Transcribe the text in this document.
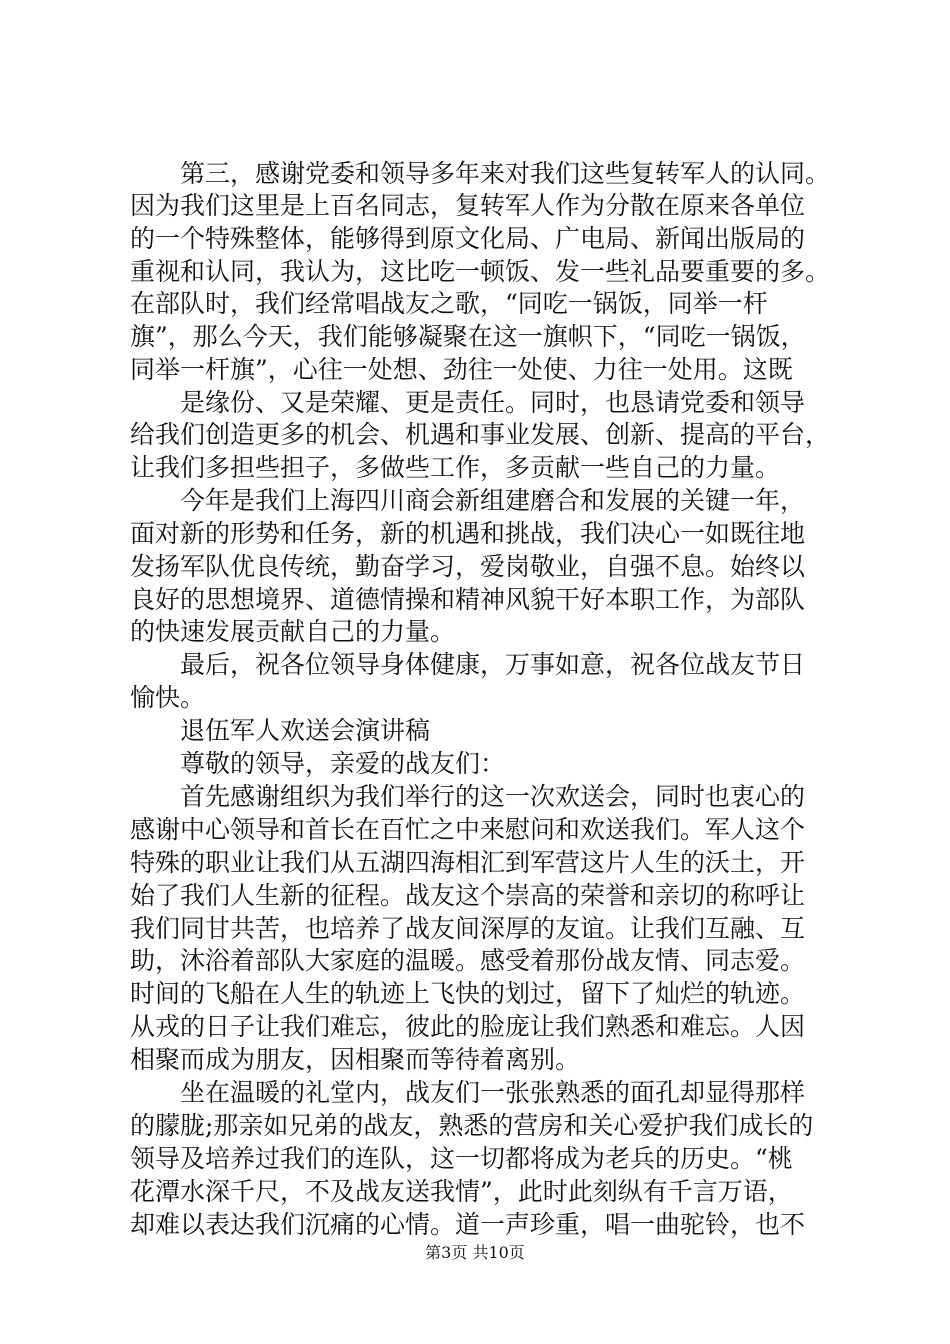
第三，感谢党委和领导多年来对我们这些复转军人的认同。
因为我们这里是上百名同志，复转军人作为分散在原来各单位
的一个特殊整体，能够得到原文化局、广电局、新闻出版局的
重视和认同，我认为，这比吃一顿饭、发一些礼品要重要的多。
在部队时，我们经常唱战友之歌，“同吃一锅饭，同举一杆
旗”，那么今天，我们能够凝聚在这一旗帜下，“同吃一锅饭，
同举一杆旗”，心往一处想、劲往一处使、力往一处用。这既
是缘份、又是荣耀、更是责任。同时，也恳请党委和领导
给我们创造更多的机会、机遇和事业发展、创新、提高的平台，
让我们多担些担子，多做些工作，多贡献一些自己的力量。
今年是我们上海四川商会新组建磨合和发展的关键一年，
面对新的形势和任务，新的机遇和挑战，我们决心一如既往地
发扬军队优良传统，勤奋学习，爱岗敬业，自强不息。始终以
良好的思想境界、道德情操和精神风貌干好本职工作，为部队
的快速发展贡献自己的力量。
最后，祝各位领导身体健康，万事如意，祝各位战友节日
愉快。
退伍军人欢送会演讲稿
尊敬的领导，亲爱的战友们：
首先感谢组织为我们举行的这一次欢送会，同时也衷心的
感谢中心领导和首长在百忙之中来慰问和欢送我们。军人这个
特殊的职业让我们从五湖四海相汇到军营这片人生的沃土，开
始了我们人生新的征程。战友这个崇高的荣誉和亲切的称呼让
我们同甘共苦，也培养了战友间深厚的友谊。让我们互融、互
助，沐浴着部队大家庭的温暖。感受着那份战友情、同志爱。
时间的飞船在人生的轨迹上飞快的划过，留下了灿烂的轨迹。
从戎的日子让我们难忘，彼此的脸庞让我们熟悉和难忘。人因
相聚而成为朋友，因相聚而等待着离别。
坐在温暖的礼堂内，战友们一张张熟悉的面孔却显得那样
的朦胧;那亲如兄弟的战友，熟悉的营房和关心爱护我们成长的
领导及培养过我们的连队，这一切都将成为老兵的历史。“桃
花潭水深千尺，不及战友送我情”，此时此刻纵有千言万语，
却难以表达我们沉痛的心情。道一声珍重，唱一曲驼铃，也不
第3页 共10页
